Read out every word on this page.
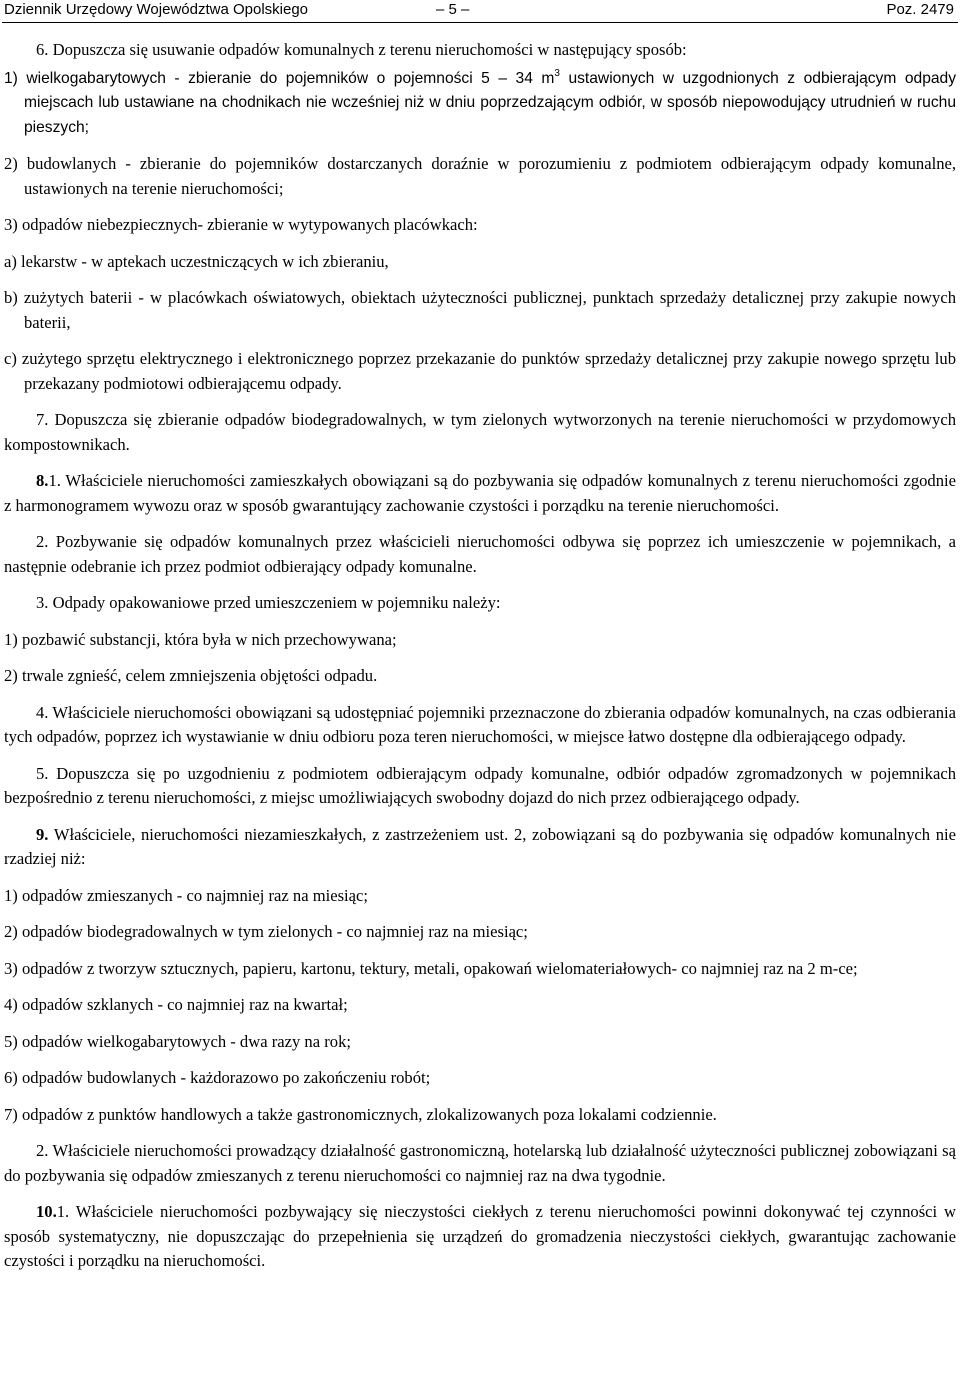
Dziennik Urzędowy Województwa Opolskiego	– 5 –	Poz. 2479

6. Dopuszcza się usuwanie odpadów komunalnych z terenu nieruchomości w następujący sposób:

1) wielkogabarytowych - zbieranie do pojemników o pojemności 5 – 34 $m^3$ ustawionych w uzgodnionych z odbierającym odpady miejscach lub ustawiane na chodnikach nie wcześniej niż w dniu poprzedzającym odbiór, w sposób niepowodujący utrudnień w ruchu pieszych;

2) budowlanych - zbieranie do pojemników dostarczanych doraźnie w porozumieniu z podmiotem odbierającym odpady komunalne, ustawionych na terenie nieruchomości;

3) odpadów niebezpiecznych- zbieranie w wytypowanych placówkach:

a) lekarstw - w aptekach uczestniczących w ich zbieraniu,

b) zużytych baterii - w placówkach oświatowych, obiektach użyteczności publicznej, punktach sprzedaży detalicznej przy zakupie nowych baterii,

c) zużytego sprzętu elektrycznego i elektronicznego poprzez przekazanie do punktów sprzedaży detalicznej przy zakupie nowego sprzętu lub przekazany podmiotowi odbierającemu odpady.

7. Dopuszcza się zbieranie odpadów biodegradowalnych, w tym zielonych wytworzonych na terenie nieruchomości w przydomowych kompostownikach.

8.1. Właściciele nieruchomości zamieszkałych obowiązani są do pozbywania się odpadów komunalnych z terenu nieruchomości zgodnie z harmonogramem wywozu oraz w sposób gwarantujący zachowanie czystości i porządku na terenie nieruchomości.

2. Pozbywanie się odpadów komunalnych przez właścicieli nieruchomości odbywa się poprzez ich umieszczenie w pojemnikach, a następnie odebranie ich przez podmiot odbierający odpady komunalne.

3. Odpady opakowaniowe przed umieszczeniem w pojemniku należy:

1) pozbawić substancji, która była w nich przechowywana;

2) trwale zgnieść, celem zmniejszenia objętości odpadu.

4. Właściciele nieruchomości obowiązani są udostępniać pojemniki przeznaczone do zbierania odpadów komunalnych, na czas odbierania tych odpadów, poprzez ich wystawianie w dniu odbioru poza teren nieruchomości, w miejsce łatwo dostępne dla odbierającego odpady.

5. Dopuszcza się po uzgodnieniu z podmiotem odbierającym odpady komunalne, odbiór odpadów zgromadzonych w pojemnikach bezpośrednio z terenu nieruchomości, z miejsc umożliwiających swobodny dojazd do nich przez odbierającego odpady.

9. Właściciele, nieruchomości niezamieszkałych, z zastrzeżeniem ust. 2, zobowiązani są do pozbywania się odpadów komunalnych nie rzadziej niż:

1) odpadów zmieszanych - co najmniej raz na miesiąc;

2) odpadów biodegradowalnych w tym zielonych - co najmniej raz na miesiąc;

3) odpadów z tworzyw sztucznych, papieru, kartonu, tektury, metali, opakowań wielomateriałowych- co najmniej raz na 2 m-ce;

4) odpadów szklanych - co najmniej raz na kwartał;

5) odpadów wielkogabarytowych - dwa razy na rok;

6) odpadów budowlanych - każdorazowo po zakończeniu robót;

7) odpadów z punktów handlowych a także gastronomicznych, zlokalizowanych poza lokalami codziennie.

2. Właściciele nieruchomości prowadzący działalność gastronomiczną, hotelarską lub działalność użyteczności publicznej zobowiązani są do pozbywania się odpadów zmieszanych z terenu nieruchomości co najmniej raz na dwa tygodnie.

10.1. Właściciele nieruchomości pozbywający się nieczystości ciekłych z terenu nieruchomości powinni dokonywać tej czynności w sposób systematyczny, nie dopuszczając do przepełnienia się urządzeń do gromadzenia nieczystości ciekłych, gwarantując zachowanie czystości i porządku na nieruchomości.
